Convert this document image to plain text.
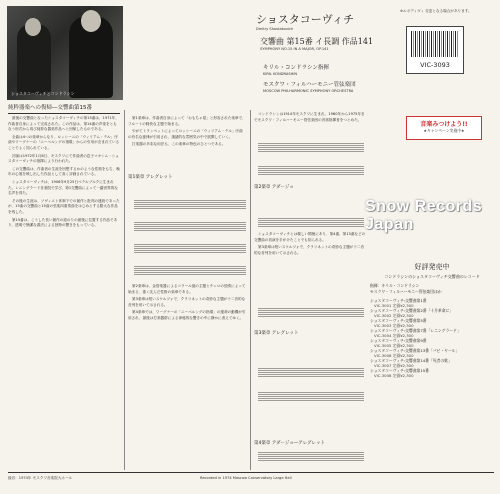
ショスタコーヴィチとコンドラシン
ショスタコーヴィチ
Dmitry Shostakovich
交響曲 第15番 イ長調 作品141
SYMPHONY NO.15 IN A MAJOR, OP.141
キリル・コンドラシン指揮
KIRIL KONDRASHIN
モスクワ・フィルハーモニー管弦楽団
MOSCOW PHILHARMONIC SYMPHONY ORCHESTRA
※ルボディヴィ 変更となる場合があります。
VIC-3093
純粋器楽への復帰―交響曲第15番

最後の交響曲となったショスタコーヴィチの第15番は、1971年、作曲者自身によって完成された。この作品は、第14番の声楽をともなう形式から再び純粋な器楽作品へと回帰したものである。

全曲は4つの楽章からなり、ロッシーニの「ウィリアム・テル」序曲やワーグナーの「ニーベルングの指環」からの引用が含まれていることでよく知られている。

初演は1972年1月8日、モスクワにて作曲者の息子マキシム・ショスタコーヴィチの指揮により行われた。

この交響曲は、作曲者の生涯を回想するかのような性格をもち、晩年の心境を映し出した作品として高く評価されている。

ショスタコーヴィチは、1906年9月25日ペテルブルクに生まれた。レニングラード音楽院で学び、第1交響曲によって一躍世界的な名声を得た。

その後の生涯は、ソヴィエト体制下での創作と批判の連続であったが、15曲の交響曲と15曲の弦楽四重奏曲をはじめとする膨大な作品を残した。

第15番は、こうした長い創作の道のりの最後に位置する作品であり、透明で簡潔な書法による独特の響きをもっている。

第1楽章は、作曲者自身によって「おもちゃ屋」と形容された楽章で、フルートの軽快な主題で始まる。

やがてトランペットによってロッシーニの「ウィリアム・テル」序曲の有名な旋律が引用され、諧謔的な雰囲気の中で展開していく。

打楽器の多彩な用法も、この楽章の特色のひとつである。

第1楽章 アレグレット

第2楽章は、金管楽器によるコラール風の主題とチェロの独奏によって始まる、重く沈んだ性格の楽章である。

第3楽章は短いスケルツォで、クラリネットの奇妙な主題が十二音的な音列を用いて示される。

第4楽章では、ワーグナーの「ニーベルングの指環」の運命の動機が引用され、最後は打楽器群による神秘的な響きの中に静かに消えてゆく。

コンドラシンは1914年モスクワに生まれ、1960年から1975年までモスクワ・フィルハーモニー管弦楽団の首席指揮者をつとめた。

第2楽章 アダージョ

ショスタコーヴィチとは親しい間柄にあり、第4番、第13番などの交響曲の初演を手がけたことでも知られる。

第3楽章は短いスケルツォで、クラリネットの奇妙な主題が十二音的な音列を用いて示される。

第3楽章 アレグレット
第4楽章 アダージョ―アレグレット
音楽みつけよう!!
★キャンペーン実施中★
Snow Records Japan
好評発売中
コンドラシンのショスタコーヴィチ交響曲のレコード
指揮：キリル・コンドラシン
モスクワ・フィルハーモニー管弦楽団ほか
ショスタコーヴィチ:交響曲第1番
VIC-3001 定価¥2,300
ショスタコーヴィチ:交響曲第2番「十月革命に」
VIC-3002 定価¥2,300
ショスタコーヴィチ:交響曲第5番
VIC-3003 定価¥2,300
ショスタコーヴィチ:交響曲第7番「レニングラード」
VIC-3004 定価¥2,300
ショスタコーヴィチ:交響曲第9番
VIC-3005 定価¥2,300
ショスタコーヴィチ:交響曲第13番「バビ・ヤール」
VIC-3006 定価¥2,300
ショスタコーヴィチ:交響曲第14番「死者の歌」
VIC-3007 定価¥2,300
ショスタコーヴィチ:交響曲第15番
VIC-3008 定価¥2,300
録音：1974年 モスクワ音楽院大ホール	Recorded in 1974 Moscow Conservatory Large Hall
